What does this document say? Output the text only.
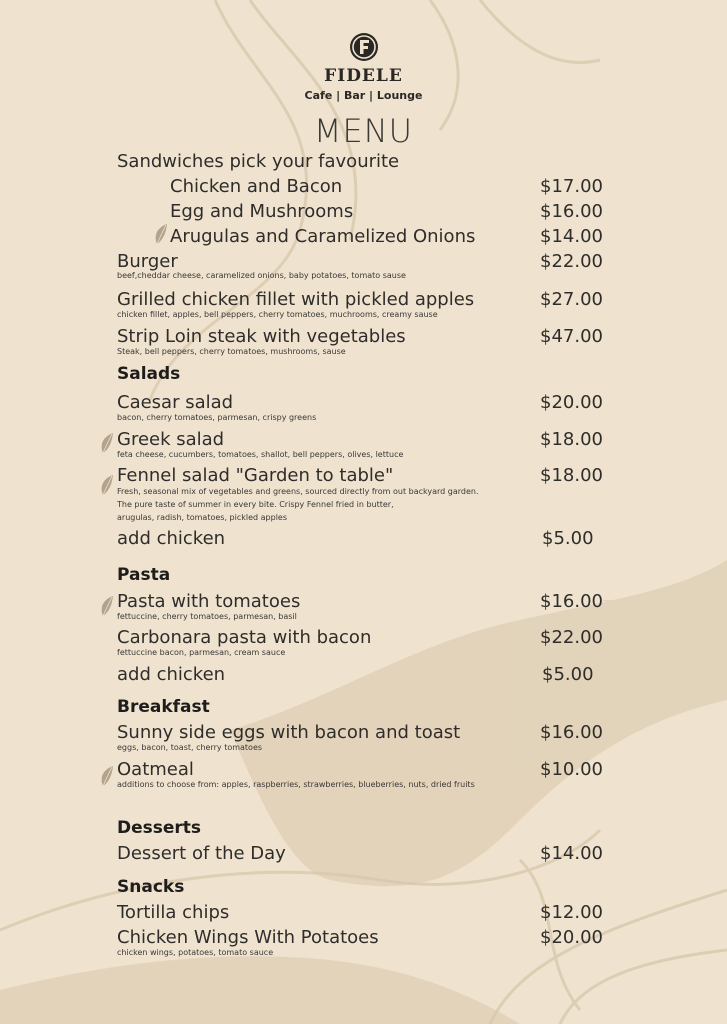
FIDELE
Cafe | Bar | Lounge
MENU
Sandwiches pick your favourite
Chicken and Bacon	$17.00
Egg and Mushrooms	$16.00
Arugulas and Caramelized Onions	$14.00
Burger	$22.00
beef,cheddar cheese, caramelized onions, baby potatoes, tomato sause
Grilled chicken fillet with pickled apples	$27.00
chicken fillet, apples, bell peppers, cherry tomatoes, muchrooms, creamy sause
Strip Loin steak with vegetables	$47.00
Steak, bell peppers, cherry tomatoes, mushrooms, sause
Salads
Caesar salad	$20.00
bacon, cherry tomatoes, parmesan, crispy greens
Greek salad	$18.00
feta cheese, cucumbers, tomatoes, shallot, bell peppers, olives, lettuce
Fennel salad "Garden to table"	$18.00
Fresh, seasonal mix of vegetables and greens, sourced directly from out backyard garden.
The pure taste of summer in every bite. Crispy Fennel fried in butter,
arugulas, radish, tomatoes, pickled apples
add chicken	$5.00
Pasta
Pasta with tomatoes	$16.00
fettuccine, cherry tomatoes, parmesan, basil
Carbonara pasta with bacon	$22.00
fettuccine bacon, parmesan, cream sauce
add chicken	$5.00
Breakfast
Sunny side eggs with bacon and toast	$16.00
eggs, bacon, toast, cherry tomatoes
Oatmeal	$10.00
additions to choose from: apples, raspberries, strawberries, blueberries, nuts, dried fruits
Desserts
Dessert of the Day	$14.00
Snacks
Tortilla chips	$12.00
Chicken Wings With Potatoes	$20.00
chicken wings, potatoes, tomato sauce
